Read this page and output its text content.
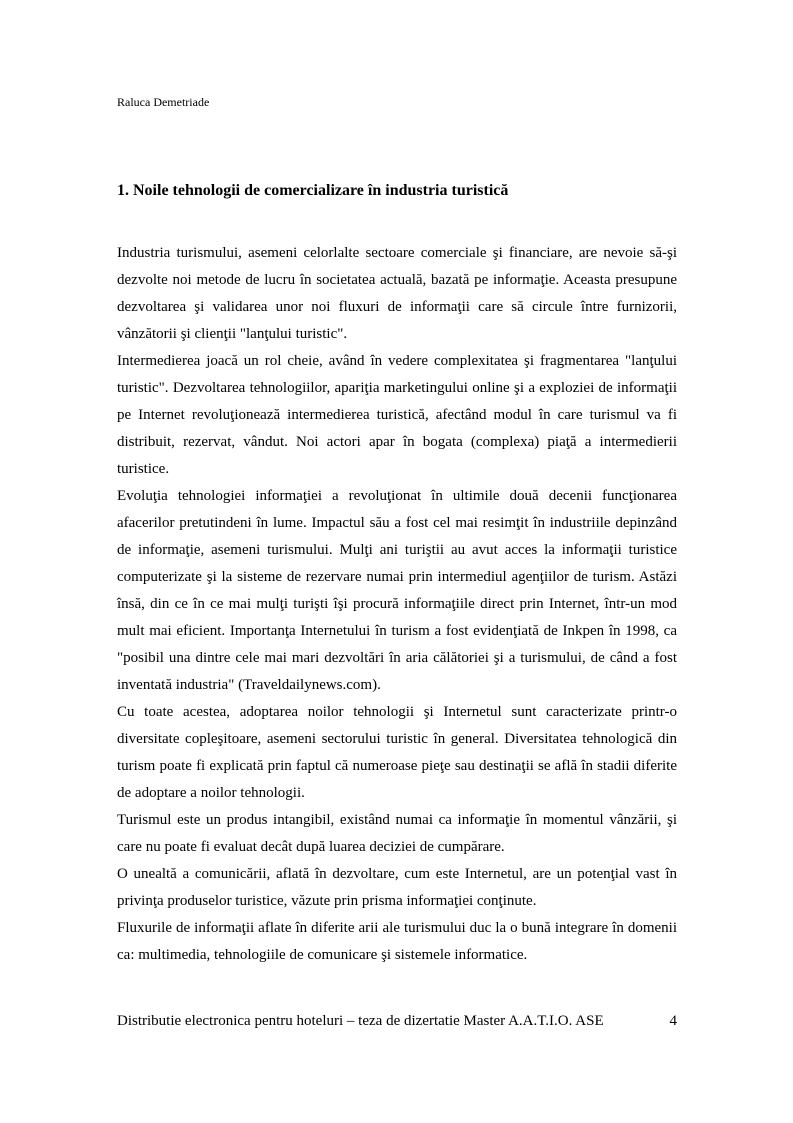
Raluca Demetriade
1. Noile tehnologii de comercializare în industria turistică

Industria turismului, asemeni celorlalte sectoare comerciale şi financiare, are nevoie să-şi dezvolte noi metode de lucru în societatea actuală, bazată pe informaţie. Aceasta presupune dezvoltarea şi validarea unor noi fluxuri de informaţii care să circule între furnizorii, vânzătorii şi clienţii "lanţului turistic".

Intermedierea joacă un rol cheie, având în vedere complexitatea şi fragmentarea "lanţului turistic". Dezvoltarea tehnologiilor, apariţia marketingului online şi a exploziei de informaţii pe Internet revoluţionează intermedierea turistică, afectând modul în care turismul va fi distribuit, rezervat, vândut. Noi actori apar în bogata (complexa) piaţă a intermedierii turistice.

Evoluţia tehnologiei informaţiei a revoluţionat în ultimile două decenii funcţionarea afacerilor pretutindeni în lume. Impactul său a fost cel mai resimţit în industriile depinzând de informaţie, asemeni turismului. Mulţi ani turiştii au avut acces la informaţii turistice computerizate şi la sisteme de rezervare numai prin intermediul agenţiilor de turism. Astăzi însă, din ce în ce mai mulţi turişti îşi procură informaţiile direct prin Internet, într-un mod mult mai eficient. Importanţa Internetului în turism a fost evidenţiată de Inkpen în 1998, ca "posibil una dintre cele mai mari dezvoltări în aria călătoriei şi a turismului, de când a fost inventată industria" (Traveldailynews.com).

Cu toate acestea, adoptarea noilor tehnologii şi Internetul sunt caracterizate printr-o diversitate copleşitoare, asemeni sectorului turistic în general. Diversitatea tehnologică din turism poate fi explicată prin faptul că numeroase pieţe sau destinaţii se află în stadii diferite de adoptare a noilor tehnologii.

Turismul este un produs intangibil, existând numai ca informaţie în momentul vânzării, şi care nu poate fi evaluat decât după luarea deciziei de cumpărare.

O unealtă a comunicării, aflată în dezvoltare, cum este Internetul, are un potenţial vast în privinţa produselor turistice, văzute prin prisma informaţiei conţinute.

Fluxurile de informaţii aflate în diferite arii ale turismului duc la o bună integrare în domenii ca: multimedia, tehnologiile de comunicare şi sistemele informatice.

Distributie electronica pentru hoteluri – teza de dizertatie Master A.A.T.I.O. ASE	4
